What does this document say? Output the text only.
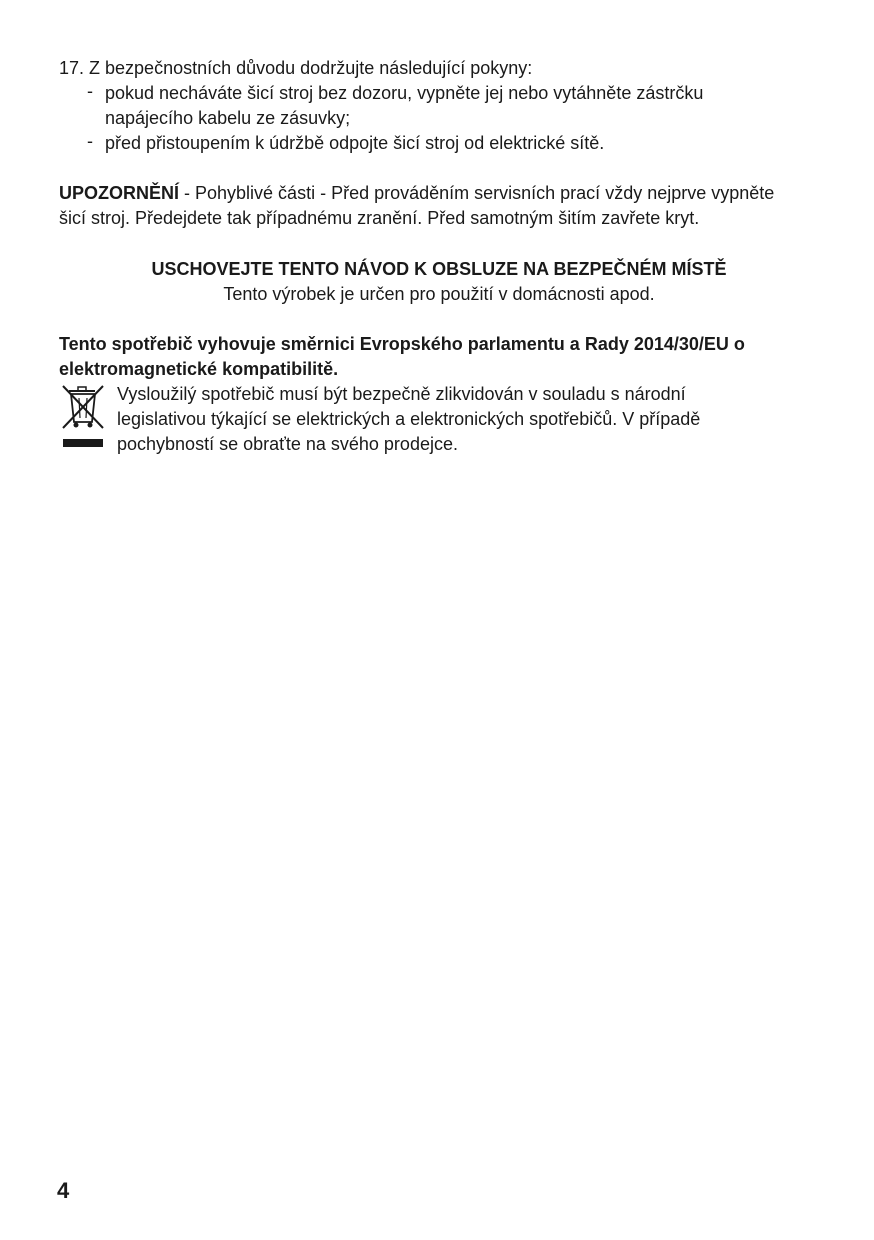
17. Z bezpečnostních důvodu dodržujte následující pokyny:
- pokud necháváte šicí stroj bez dozoru, vypněte jej nebo vytáhněte zástrčku napájecího kabelu ze zásuvky;
- před přistoupením k údržbě odpojte šicí stroj od elektrické sítě.
UPOZORNĚNÍ - Pohyblivé části - Před prováděním servisních prací vždy nejprve vypněte šicí stroj. Předejdete tak případnému zranění. Před samotným šitím zavřete kryt.
USCHOVEJTE TENTO NÁVOD K OBSLUZE NA BEZPEČNÉM MÍSTĚ
Tento výrobek je určen pro použití v domácnosti apod.
Tento spotřebič vyhovuje směrnici Evropského parlamentu a Rady 2014/30/EU o elektromagnetické kompatibilitě.
Vysloužilý spotřebič musí být bezpečně zlikvidován v souladu s národní legislativou týkající se elektrických a elektronických spotřebičů. V případě pochybností se obraťte na svého prodejce.
4
